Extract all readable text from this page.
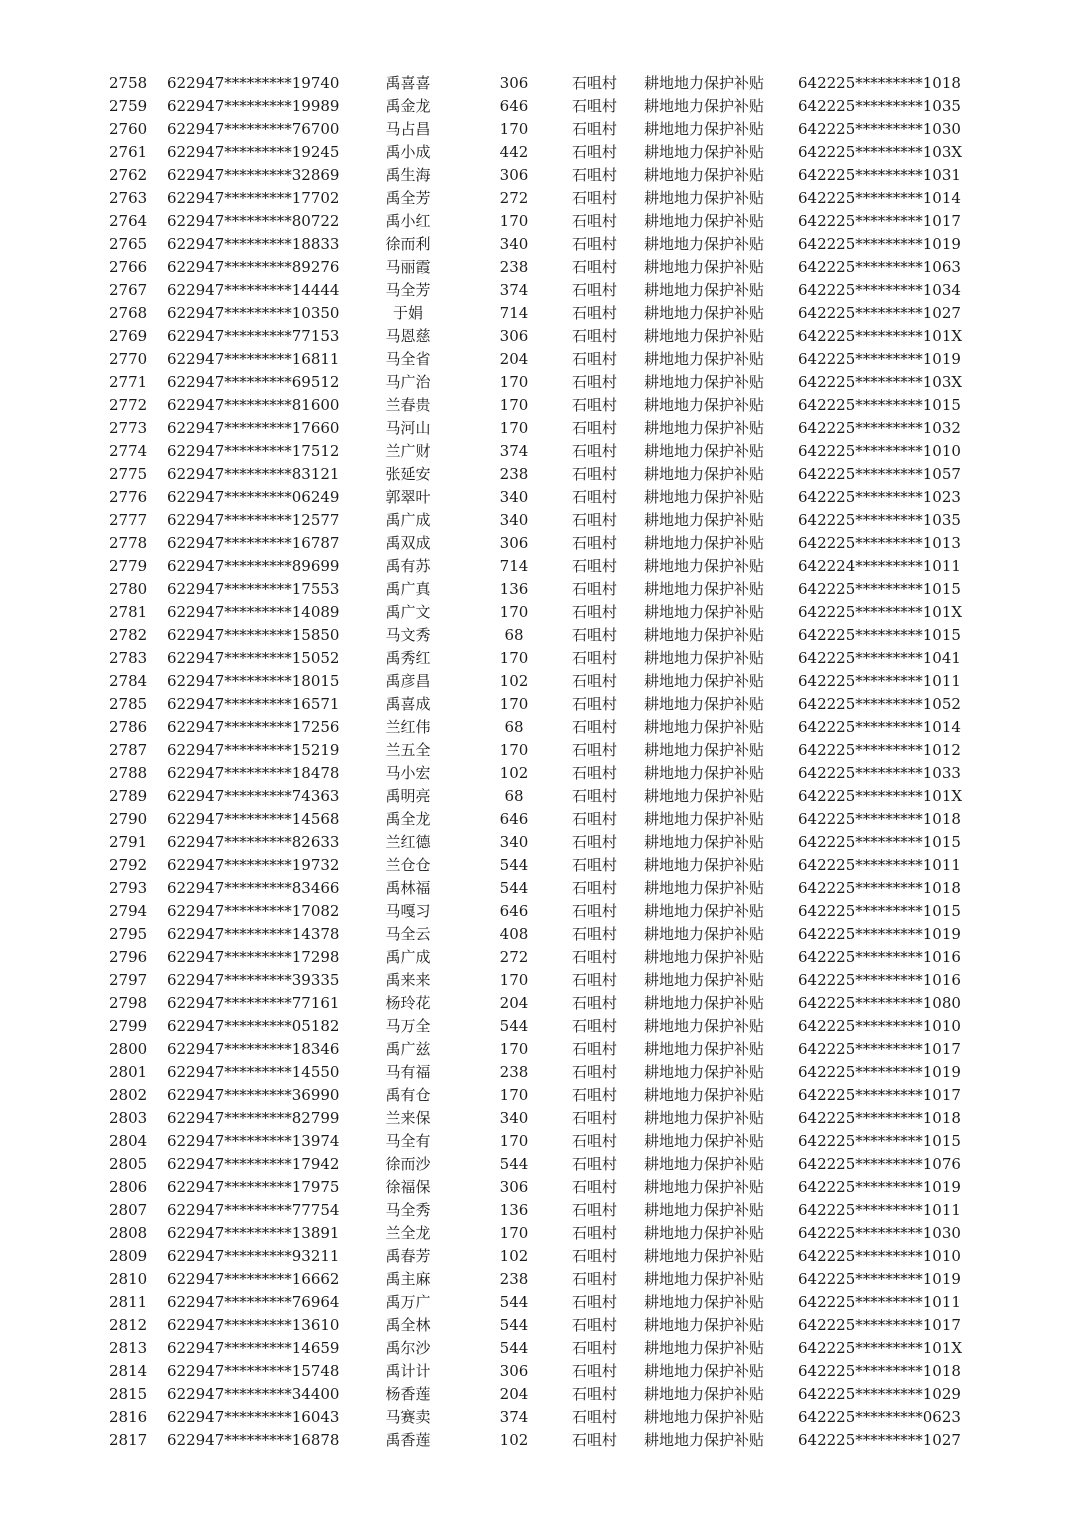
2758 622947*********19740	禹喜喜	306	石咀村 耕地地力保护补贴 642225*********1018
2759 622947*********19989	禹金龙	646	石咀村 耕地地力保护补贴 642225*********1035
2760 622947*********76700	马占昌	170	石咀村 耕地地力保护补贴 642225*********1030
2761 622947*********19245	禹小成	442	石咀村 耕地地力保护补贴 642225*********103X
2762 622947*********32869	禹生海	306	石咀村 耕地地力保护补贴 642225*********1031
2763 622947*********17702	禹全芳	272	石咀村 耕地地力保护补贴 642225*********1014
2764 622947*********80722	禹小红	170	石咀村 耕地地力保护补贴 642225*********1017
2765 622947*********18833	徐而利	340	石咀村 耕地地力保护补贴 642225*********1019
2766 622947*********89276	马丽霞	238	石咀村 耕地地力保护补贴 642225*********1063
2767 622947*********14444	马全芳	374	石咀村 耕地地力保护补贴 642225*********1034
2768 622947*********10350	于娟	714	石咀村 耕地地力保护补贴 642225*********1027
2769 622947*********77153	马恩慈	306	石咀村 耕地地力保护补贴 642225*********101X
2770 622947*********16811	马全省	204	石咀村 耕地地力保护补贴 642225*********1019
2771 622947*********69512	马广治	170	石咀村 耕地地力保护补贴 642225*********103X
2772 622947*********81600	兰春贵	170	石咀村 耕地地力保护补贴 642225*********1015
2773 622947*********17660	马河山	170	石咀村 耕地地力保护补贴 642225*********1032
2774 622947*********17512	兰广财	374	石咀村 耕地地力保护补贴 642225*********1010
2775 622947*********83121	张延安	238	石咀村 耕地地力保护补贴 642225*********1057
2776 622947*********06249	郭翠叶	340	石咀村 耕地地力保护补贴 642225*********1023
2777 622947*********12577	禹广成	340	石咀村 耕地地力保护补贴 642225*********1035
2778 622947*********16787	禹双成	306	石咀村 耕地地力保护补贴 642225*********1013
2779 622947*********89699	禹有苏	714	石咀村 耕地地力保护补贴 642224*********1011
2780 622947*********17553	禹广真	136	石咀村 耕地地力保护补贴 642225*********1015
2781 622947*********14089	禹广文	170	石咀村 耕地地力保护补贴 642225*********101X
2782 622947*********15850	马文秀	68	石咀村 耕地地力保护补贴 642225*********1015
2783 622947*********15052	禹秀红	170	石咀村 耕地地力保护补贴 642225*********1041
2784 622947*********18015	禹彦昌	102	石咀村 耕地地力保护补贴 642225*********1011
2785 622947*********16571	禹喜成	170	石咀村 耕地地力保护补贴 642225*********1052
2786 622947*********17256	兰红伟	68	石咀村 耕地地力保护补贴 642225*********1014
2787 622947*********15219	兰五全	170	石咀村 耕地地力保护补贴 642225*********1012
2788 622947*********18478	马小宏	102	石咀村 耕地地力保护补贴 642225*********1033
2789 622947*********74363	禹明亮	68	石咀村 耕地地力保护补贴 642225*********101X
2790 622947*********14568	禹全龙	646	石咀村 耕地地力保护补贴 642225*********1018
2791 622947*********82633	兰红德	340	石咀村 耕地地力保护补贴 642225*********1015
2792 622947*********19732	兰仓仓	544	石咀村 耕地地力保护补贴 642225*********1011
2793 622947*********83466	禹林福	544	石咀村 耕地地力保护补贴 642225*********1018
2794 622947*********17082	马嘎习	646	石咀村 耕地地力保护补贴 642225*********1015
2795 622947*********14378	马全云	408	石咀村 耕地地力保护补贴 642225*********1019
2796 622947*********17298	禹广成	272	石咀村 耕地地力保护补贴 642225*********1016
2797 622947*********39335	禹来来	170	石咀村 耕地地力保护补贴 642225*********1016
2798 622947*********77161	杨玲花	204	石咀村 耕地地力保护补贴 642225*********1080
2799 622947*********05182	马万全	544	石咀村 耕地地力保护补贴 642225*********1010
2800 622947*********18346	禹广兹	170	石咀村 耕地地力保护补贴 642225*********1017
2801 622947*********14550	马有福	238	石咀村 耕地地力保护补贴 642225*********1019
2802 622947*********36990	禹有仓	170	石咀村 耕地地力保护补贴 642225*********1017
2803 622947*********82799	兰来保	340	石咀村 耕地地力保护补贴 642225*********1018
2804 622947*********13974	马全有	170	石咀村 耕地地力保护补贴 642225*********1015
2805 622947*********17942	徐而沙	544	石咀村 耕地地力保护补贴 642225*********1076
2806 622947*********17975	徐福保	306	石咀村 耕地地力保护补贴 642225*********1019
2807 622947*********77754	马全秀	136	石咀村 耕地地力保护补贴 642225*********1011
2808 622947*********13891	兰全龙	170	石咀村 耕地地力保护补贴 642225*********1030
2809 622947*********93211	禹春芳	102	石咀村 耕地地力保护补贴 642225*********1010
2810 622947*********16662	禹主麻	238	石咀村 耕地地力保护补贴 642225*********1019
2811 622947*********76964	禹万广	544	石咀村 耕地地力保护补贴 642225*********1011
2812 622947*********13610	禹全林	544	石咀村 耕地地力保护补贴 642225*********1017
2813 622947*********14659	禹尔沙	544	石咀村 耕地地力保护补贴 642225*********101X
2814 622947*********15748	禹计计	306	石咀村 耕地地力保护补贴 642225*********1018
2815 622947*********34400	杨香莲	204	石咀村 耕地地力保护补贴 642225*********1029
2816 622947*********16043	马赛卖	374	石咀村 耕地地力保护补贴 642225*********0623
2817 622947*********16878	禹香莲	102	石咀村 耕地地力保护补贴 642225*********1027
